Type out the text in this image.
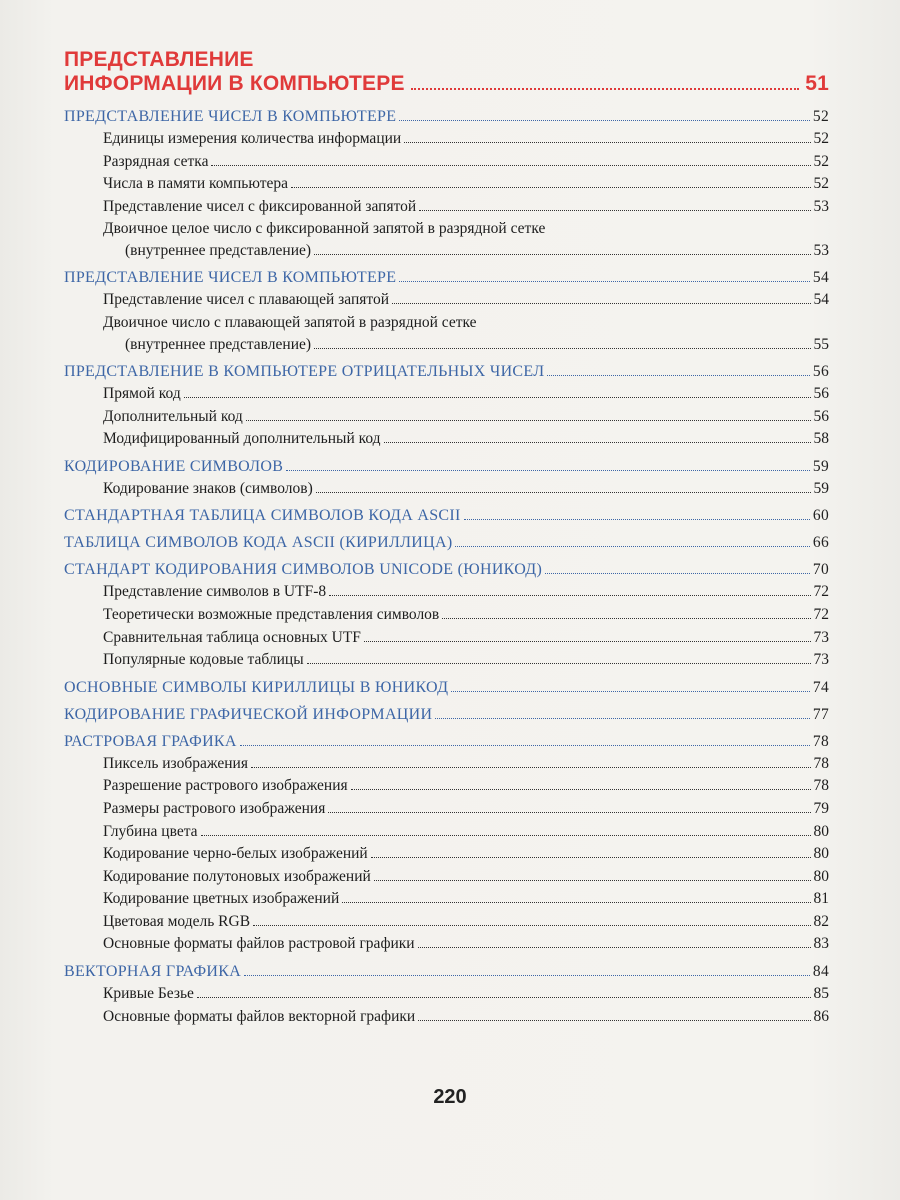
ПРЕДСТАВЛЕНИЕ
ИНФОРМАЦИИ В КОМПЬЮТЕРЕ	51
ПРЕДСТАВЛЕНИЕ ЧИСЕЛ В КОМПЬЮТЕРЕ	52
Единицы измерения количества информации	52
Разрядная сетка	52
Числа в памяти компьютера	52
Представление чисел с фиксированной запятой	53
Двоичное целое число с фиксированной запятой в разрядной сетке
(внутреннее представление)	53
ПРЕДСТАВЛЕНИЕ ЧИСЕЛ В КОМПЬЮТЕРЕ	54
Представление чисел с плавающей запятой	54
Двоичное число с плавающей запятой в разрядной сетке
(внутреннее представление)	55
ПРЕДСТАВЛЕНИЕ В КОМПЬЮТЕРЕ ОТРИЦАТЕЛЬНЫХ ЧИСЕЛ	56
Прямой код	56
Дополнительный код	56
Модифицированный дополнительный код	58
КОДИРОВАНИЕ СИМВОЛОВ	59
Кодирование знаков (символов)	59
СТАНДАРТНАЯ ТАБЛИЦА СИМВОЛОВ КОДА ASCII	60
ТАБЛИЦА СИМВОЛОВ КОДА ASCII (КИРИЛЛИЦА)	66
СТАНДАРТ КОДИРОВАНИЯ СИМВОЛОВ UNICODE (ЮНИКОД)	70
Представление символов в UTF-8	72
Теоретически возможные представления символов	72
Сравнительная таблица основных UTF	73
Популярные кодовые таблицы	73
ОСНОВНЫЕ СИМВОЛЫ КИРИЛЛИЦЫ В ЮНИКОД	74
КОДИРОВАНИЕ ГРАФИЧЕСКОЙ ИНФОРМАЦИИ	77
РАСТРОВАЯ ГРАФИКА	78
Пиксель изображения	78
Разрешение растрового изображения	78
Размеры растрового изображения	79
Глубина цвета	80
Кодирование черно-белых изображений	80
Кодирование полутоновых изображений	80
Кодирование цветных изображений	81
Цветовая модель RGB	82
Основные форматы файлов растровой графики	83
ВЕКТОРНАЯ ГРАФИКА	84
Кривые Безье	85
Основные форматы файлов векторной графики	86
220
